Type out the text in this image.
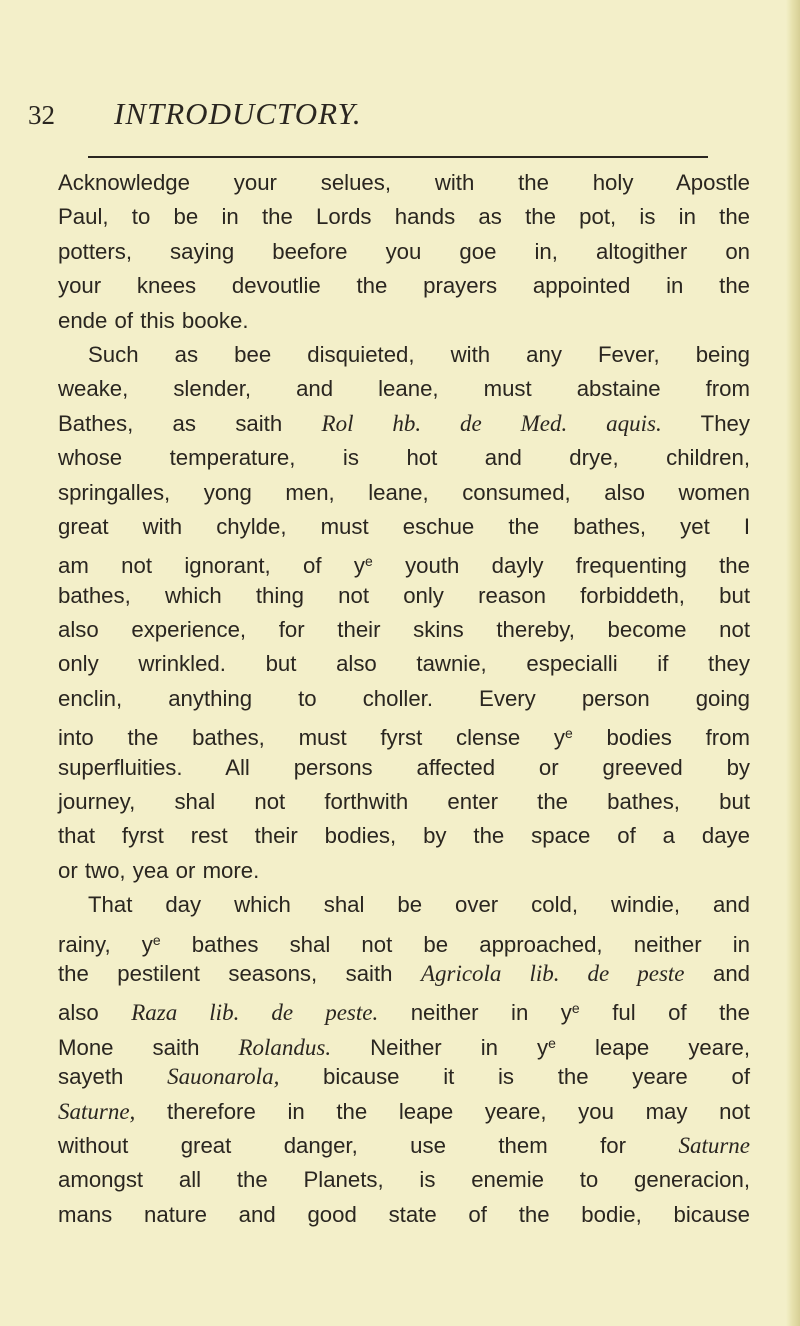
32 INTRODUCTORY.
Acknowledge your selues, with the holy Apostle
Paul, to be in the Lords hands as the pot, is in the
potters, saying beefore you goe in, altogither on
your knees devoutlie the prayers appointed in the
ende of this booke.
Such as bee disquieted, with any Fever, being
weake, slender, and leane, must abstaine from
Bathes, as saith Rol hb. de Med. aquis. They
whose temperature, is hot and drye, children,
springalles, yong men, leane, consumed, also women
great with chylde, must eschue the bathes, yet I
am not ignorant, of $y^e$ youth dayly frequenting the
bathes, which thing not only reason forbiddeth, but
also experience, for their skins thereby, become not
only wrinkled. but also tawnie, especialli if they
enclin, anything to choller. Every person going
into the bathes, must fyrst clense $y^e$ bodies from
superfluities. All persons affected or greeved by
journey, shal not forthwith enter the bathes, but
that fyrst rest their bodies, by the space of a daye
or two, yea or more.
That day which shal be over cold, windie, and
rainy, $y^e$ bathes shal not be approached, neither in
the pestilent seasons, saith Agricola lib. de peste and
also Raza lib. de peste. neither in $y^e$ ful of the
Mone saith Rolandus. Neither in $y^e$ leape yeare,
sayeth Sauonarola, bicause it is the yeare of
Saturne, therefore in the leape yeare, you may not
without great danger, use them for Saturne
amongst all the Planets, is enemie to generacion,
mans nature and good state of the bodie, bicause
